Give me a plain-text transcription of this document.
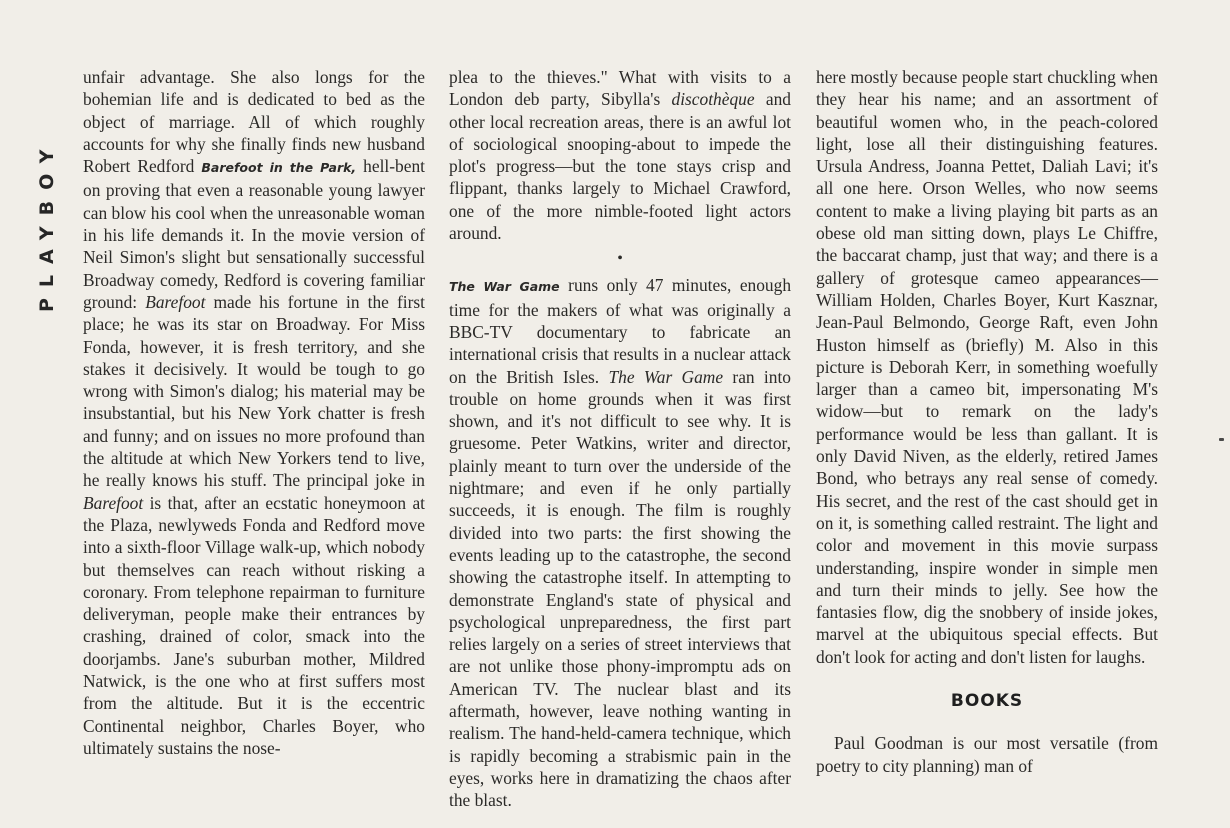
PLAYBOY

unfair advantage. She also longs for the bohemian life and is dedicated to bed as the object of marriage. All of which roughly accounts for why she finally finds new husband Robert Redford Barefoot in the Park, hell-bent on proving that even a reasonable young lawyer can blow his cool when the unreasonable woman in his life demands it. In the movie version of Neil Simon's slight but sensationally successful Broadway comedy, Redford is covering familiar ground: Barefoot made his fortune in the first place; he was its star on Broadway. For Miss Fonda, however, it is fresh territory, and she stakes it decisively. It would be tough to go wrong with Simon's dialog; his material may be insubstantial, but his New York chatter is fresh and funny; and on issues no more profound than the altitude at which New Yorkers tend to live, he really knows his stuff. The principal joke in Barefoot is that, after an ecstatic honeymoon at the Plaza, newlyweds Fonda and Redford move into a sixth-floor Village walk-up, which nobody but themselves can reach without risking a coronary. From telephone repairman to furniture deliveryman, people make their entrances by crashing, drained of color, smack into the doorjambs. Jane's suburban mother, Mildred Natwick, is the one who at first suffers most from the altitude. But it is the eccentric Continental neighbor, Charles Boyer, who ultimately sustains the nose-

plea to the thieves." What with visits to a London deb party, Sibylla's discothèque and other local recreation areas, there is an awful lot of sociological snooping-about to impede the plot's progress—but the tone stays crisp and flippant, thanks largely to Michael Crawford, one of the more nimble-footed light actors around.

•

The War Game runs only 47 minutes, enough time for the makers of what was originally a BBC-TV documentary to fabricate an international crisis that results in a nuclear attack on the British Isles. The War Game ran into trouble on home grounds when it was first shown, and it's not difficult to see why. It is gruesome. Peter Watkins, writer and director, plainly meant to turn over the underside of the nightmare; and even if he only partially succeeds, it is enough. The film is roughly divided into two parts: the first showing the events leading up to the catastrophe, the second showing the catastrophe itself. In attempting to demonstrate England's state of physical and psychological unpreparedness, the first part relies largely on a series of street interviews that are not unlike those phony-impromptu ads on American TV. The nuclear blast and its aftermath, however, leave nothing wanting in realism. The hand-held-camera technique, which is rapidly becoming a strabismic pain in the eyes, works here in dramatizing the chaos after the blast.

here mostly because people start chuckling when they hear his name; and an assortment of beautiful women who, in the peach-colored light, lose all their distinguishing features. Ursula Andress, Joanna Pettet, Daliah Lavi; it's all one here. Orson Welles, who now seems content to make a living playing bit parts as an obese old man sitting down, plays Le Chiffre, the baccarat champ, just that way; and there is a gallery of grotesque cameo appearances—William Holden, Charles Boyer, Kurt Kasznar, Jean-Paul Belmondo, George Raft, even John Huston himself as (briefly) M. Also in this picture is Deborah Kerr, in something woefully larger than a cameo bit, impersonating M's widow—but to remark on the lady's performance would be less than gallant. It is only David Niven, as the elderly, retired James Bond, who betrays any real sense of comedy. His secret, and the rest of the cast should get in on it, is something called restraint. The light and color and movement in this movie surpass understanding, inspire wonder in simple men and turn their minds to jelly. See how the fantasies flow, dig the snobbery of inside jokes, marvel at the ubiquitous special effects. But don't look for acting and don't listen for laughs.

BOOKS

Paul Goodman is our most versatile (from poetry to city planning) man of
